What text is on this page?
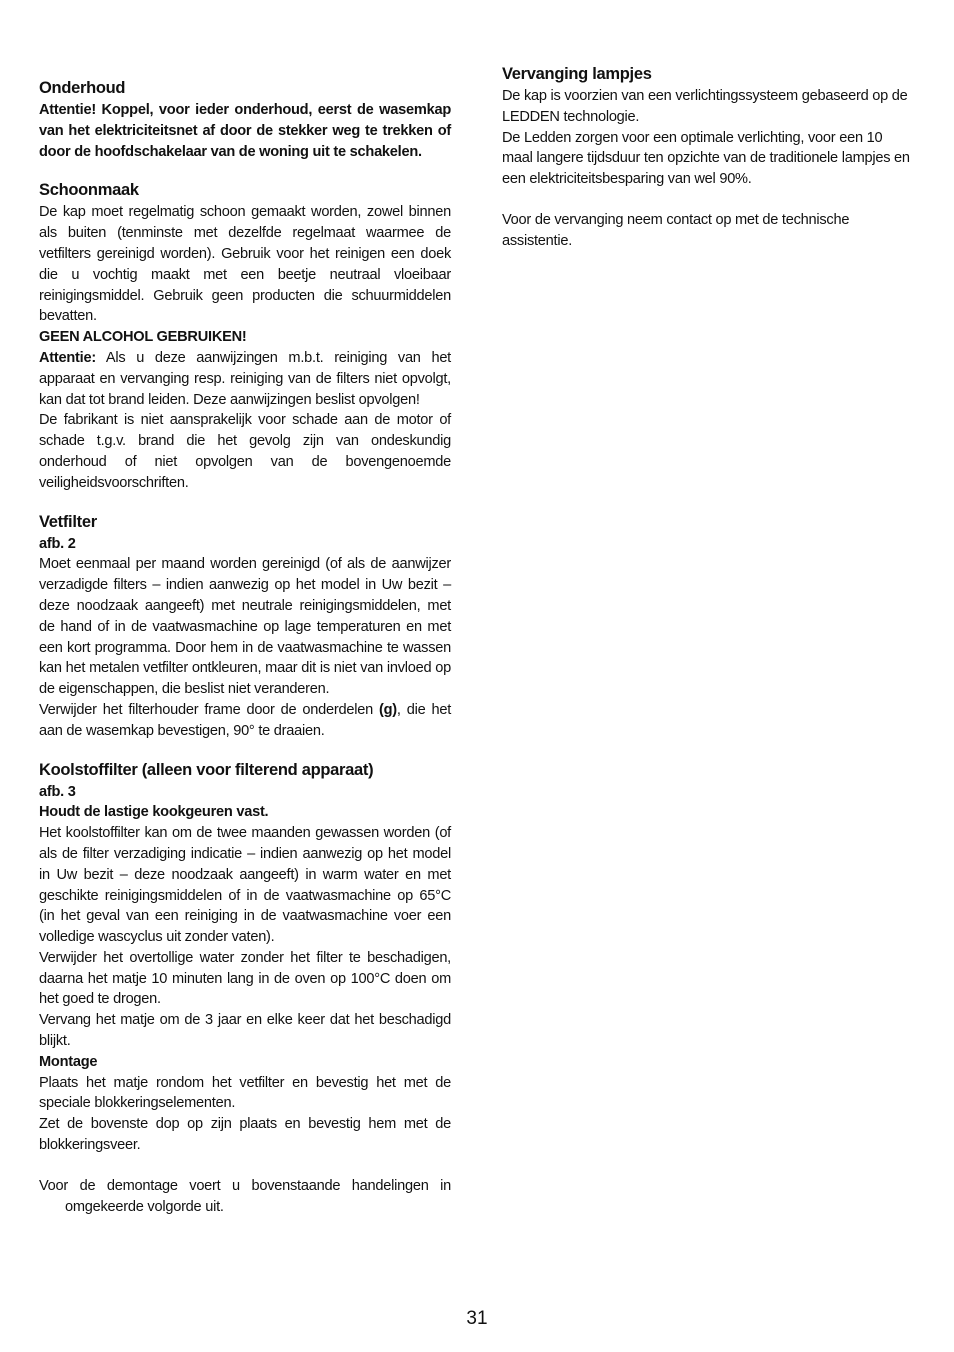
Onderhoud

Attentie! Koppel, voor ieder onderhoud, eerst de wasemkap van het elektriciteitsnet af door de stekker weg te trekken of door de hoofdschakelaar van de woning uit te schakelen.

Schoonmaak

De kap moet regelmatig schoon gemaakt worden, zowel binnen als buiten (tenminste met dezelfde regelmaat waarmee de vetfilters gereinigd worden). Gebruik voor het reinigen een doek die u vochtig maakt met een beetje neutraal vloeibaar reinigingsmiddel. Gebruik geen producten die schuurmiddelen bevatten.

GEEN ALCOHOL GEBRUIKEN!

Attentie: Als u deze aanwijzingen m.b.t. reiniging van het apparaat en vervanging resp. reiniging van de filters niet opvolgt, kan dat tot brand leiden. Deze aanwijzingen beslist opvolgen!

De fabrikant is niet aansprakelijk voor schade aan de motor of schade t.g.v. brand die het gevolg zijn van ondeskundig onderhoud of niet opvolgen van de bovengenoemde veiligheidsvoorschriften.

Vetfilter

afb. 2

Moet eenmaal per maand worden gereinigd (of als de aanwijzer verzadigde filters – indien aanwezig op het model in Uw bezit – deze noodzaak aangeeft) met neutrale reinigingsmiddelen, met de hand of in de vaatwasmachine op lage temperaturen en met een kort programma. Door hem in de vaatwasmachine te wassen kan het metalen vetfilter ontkleuren, maar dit is niet van invloed op de eigenschappen, die beslist niet veranderen.

Verwijder het filterhouder frame door de onderdelen (g), die het aan de wasemkap bevestigen, 90° te draaien.

Koolstoffilter (alleen voor filterend apparaat)

afb. 3

Houdt de lastige kookgeuren vast.

Het koolstoffilter kan om de twee maanden gewassen worden (of als de filter verzadiging indicatie – indien aanwezig op het model in Uw bezit – deze noodzaak aangeeft) in warm water en met geschikte reinigingsmiddelen of in de vaatwasmachine op 65°C (in het geval van een reiniging in de vaatwasmachine voer een volledige wascyclus uit zonder vaten).

Verwijder het overtollige water zonder het filter te beschadigen, daarna het matje 10 minuten lang in de oven op 100°C doen om het goed te drogen.

Vervang het matje om de 3 jaar en elke keer dat het beschadigd blijkt.

Montage

Plaats het matje rondom het vetfilter en bevestig het met de speciale blokkeringselementen.

Zet de bovenste dop op zijn plaats en bevestig hem met de blokkeringsveer.

Voor de demontage voert u bovenstaande handelingen in omgekeerde volgorde uit.

Vervanging lampjes

De kap is voorzien van een verlichtingssysteem gebaseerd op de LEDDEN technologie.

De Ledden zorgen voor een optimale verlichting, voor een 10 maal langere tijdsduur ten opzichte van de traditionele lampjes en een elektriciteitsbesparing van wel 90%.

Voor de vervanging neem contact op met de technische assistentie.

31
